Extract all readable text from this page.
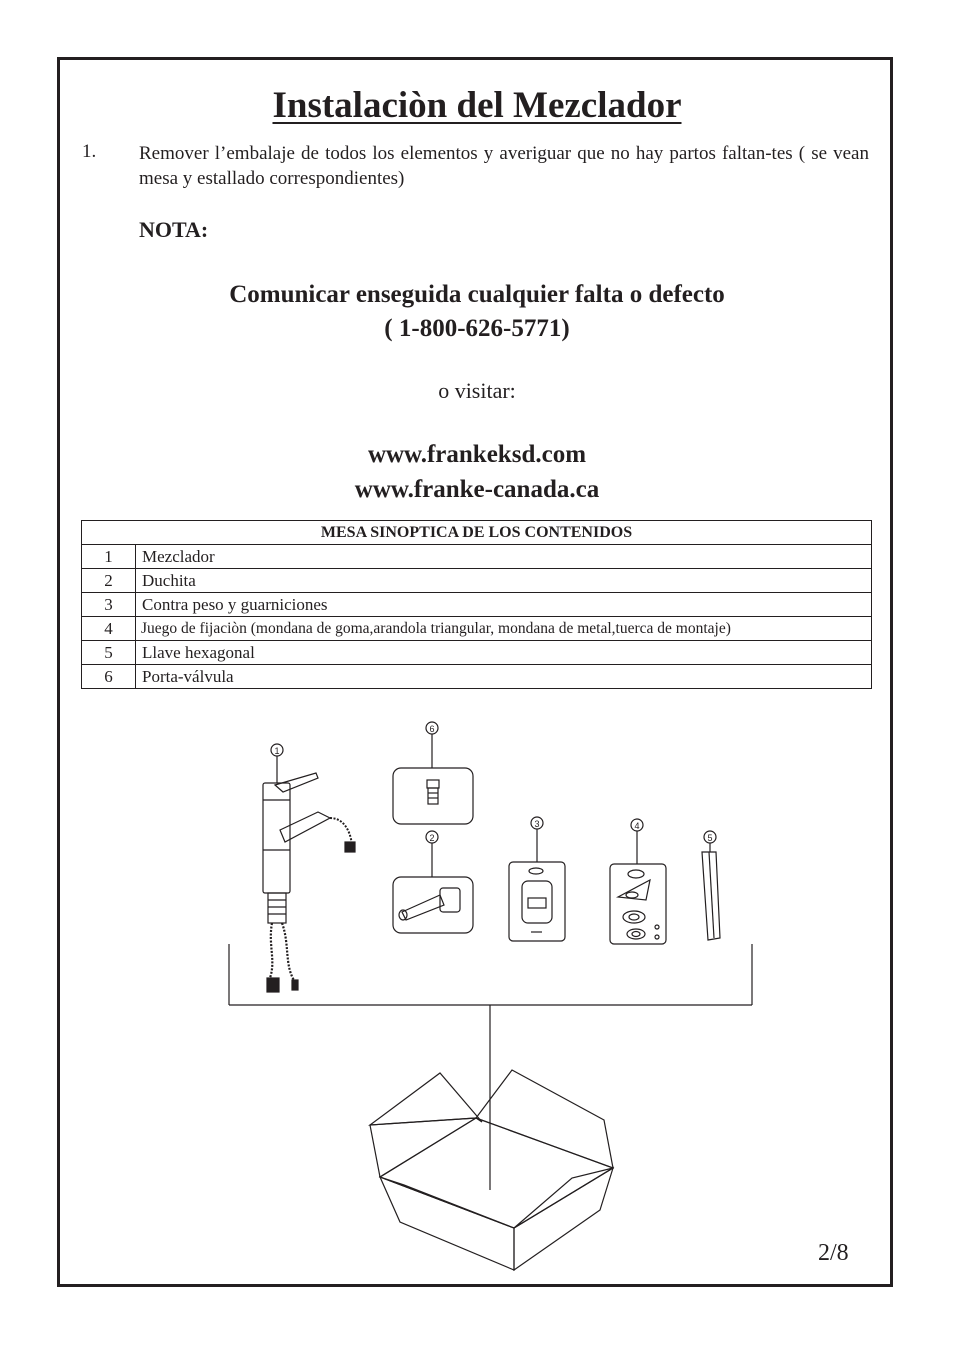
Instalaciòn del Mezclador
1. Remover l’embalaje de todos los elementos y averiguar que no hay partos faltan-tes ( se vean mesa y estallado correspondientes)
NOTA:
Comunicar enseguida cualquier falta o defecto
( 1-800-626-5771)
o visitar:
www.frankeksd.com
www.franke-canada.ca
MESA SINOPTICA DE LOS CONTENIDOS	
1	Mezclador
2	Duchita
3	Contra peso y guarniciones
4	Juego de fijaciòn (mondana de goma,arandola triangular, mondana de metal,tuerca de montaje)
5	Llave hexagonal
6	Porta-válvula
1
6
2
3	4
5
2/8
